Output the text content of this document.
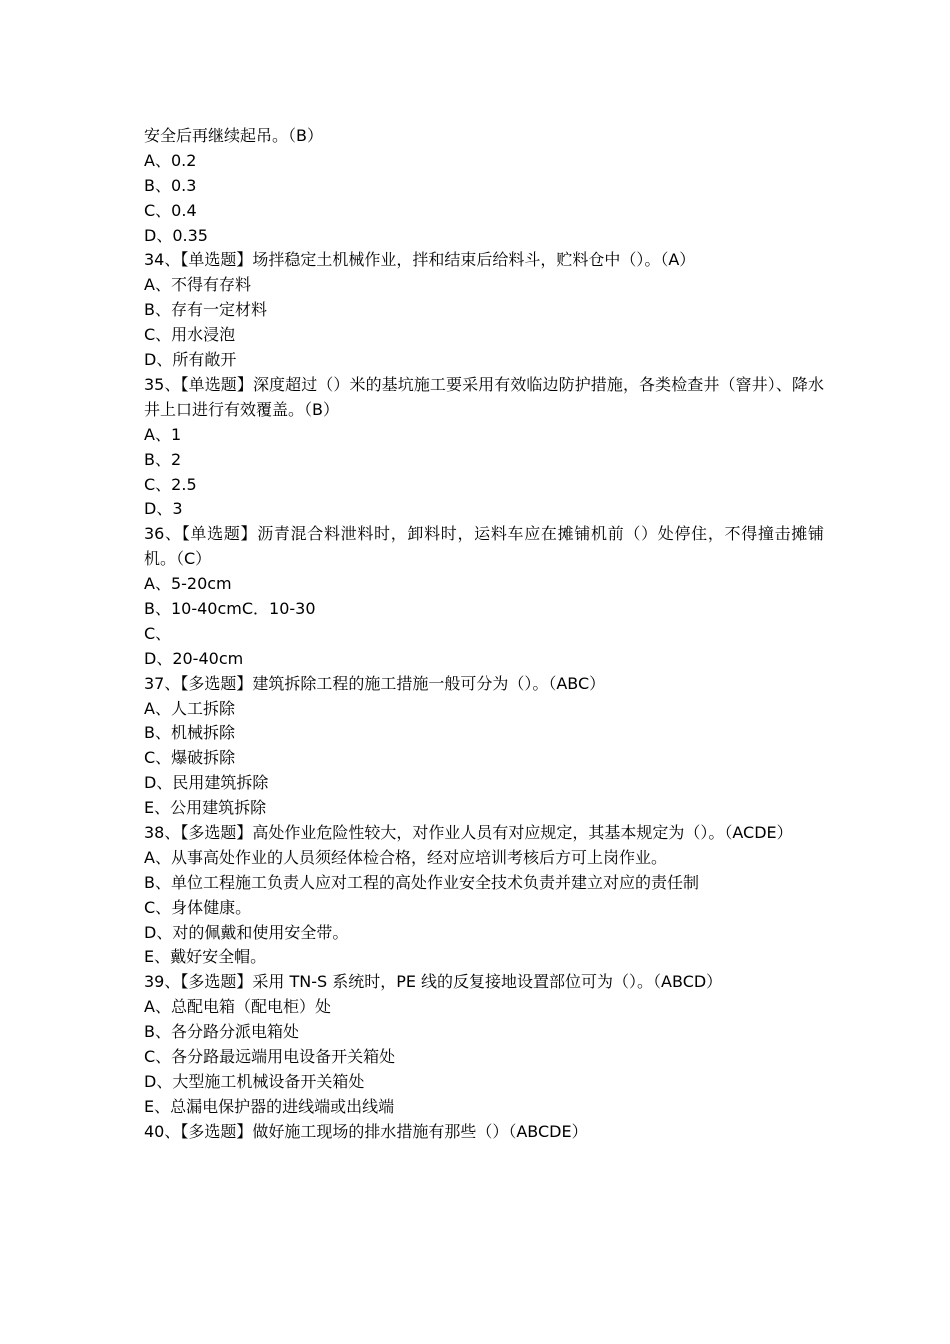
安全后再继续起吊。（B）
A、0.2
B、0.3
C、0.4
D、0.35
34、【单选题】场拌稳定土机械作业，拌和结束后给料斗，贮料仓中（）。（A）
A、不得有存料
B、存有一定材料
C、用水浸泡
D、所有敞开
35、【单选题】深度超过（）米的基坑施工要采用有效临边防护措施，各类检查井（窨井）、降水井上口进行有效覆盖。（B）
A、1
B、2
C、2.5
D、3
36、【单选题】沥青混合料泄料时，卸料时，运料车应在摊铺机前（）处停住，不得撞击摊铺机。（C）
A、5-20cm
B、10-40cmC．10-30
C、
D、20-40cm
37、【多选题】建筑拆除工程的施工措施一般可分为（）。（ABC）
A、人工拆除
B、机械拆除
C、爆破拆除
D、民用建筑拆除
E、公用建筑拆除
38、【多选题】高处作业危险性较大，对作业人员有对应规定，其基本规定为（）。（ACDE）
A、从事高处作业的人员须经体检合格，经对应培训考核后方可上岗作业。
B、单位工程施工负责人应对工程的高处作业安全技术负责并建立对应的责任制
C、身体健康。
D、对的佩戴和使用安全带。
E、戴好安全帽。
39、【多选题】采用 TN-S 系统时，PE 线的反复接地设置部位可为（）。（ABCD）
A、总配电箱（配电柜）处
B、各分路分派电箱处
C、各分路最远端用电设备开关箱处
D、大型施工机械设备开关箱处
E、总漏电保护器的进线端或出线端
40、【多选题】做好施工现场的排水措施有那些（）（ABCDE）
